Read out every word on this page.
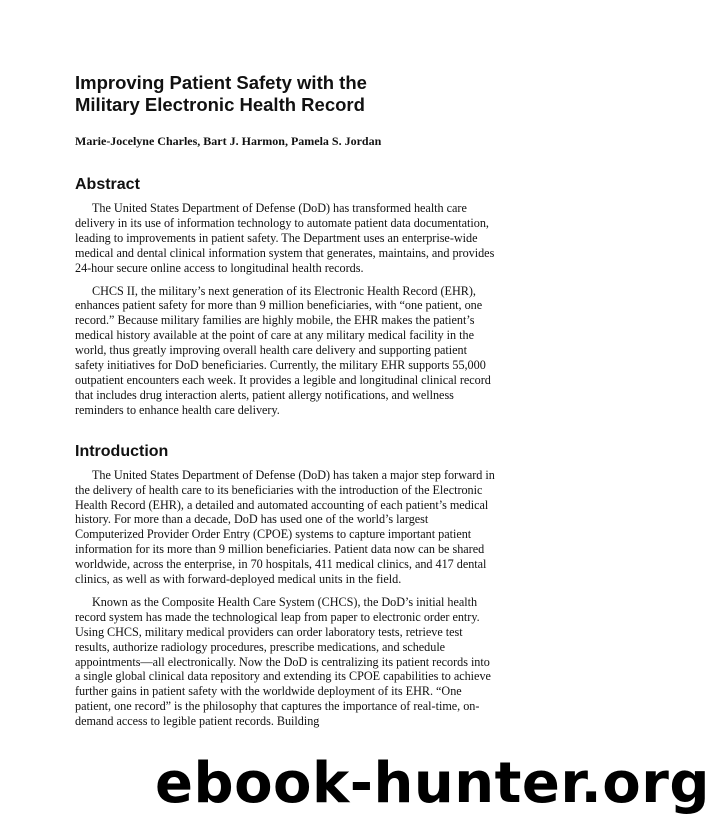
Improving Patient Safety with the
Military Electronic Health Record
Marie-Jocelyne Charles, Bart J. Harmon, Pamela S. Jordan
Abstract

The United States Department of Defense (DoD) has transformed health care delivery in its use of information technology to automate patient data documentation, leading to improvements in patient safety. The Department uses an enterprise-wide medical and dental clinical information system that generates, maintains, and provides 24-hour secure online access to longitudinal health records.

CHCS II, the military’s next generation of its Electronic Health Record (EHR), enhances patient safety for more than 9 million beneficiaries, with “one patient, one record.” Because military families are highly mobile, the EHR makes the patient’s medical history available at the point of care at any military medical facility in the world, thus greatly improving overall health care delivery and supporting patient safety initiatives for DoD beneficiaries. Currently, the military EHR supports 55,000 outpatient encounters each week. It provides a legible and longitudinal clinical record that includes drug interaction alerts, patient allergy notifications, and wellness reminders to enhance health care delivery.

Introduction

The United States Department of Defense (DoD) has taken a major step forward in the delivery of health care to its beneficiaries with the introduction of the Electronic Health Record (EHR), a detailed and automated accounting of each patient’s medical history. For more than a decade, DoD has used one of the world’s largest Computerized Provider Order Entry (CPOE) systems to capture important patient information for its more than 9 million beneficiaries. Patient data now can be shared worldwide, across the enterprise, in 70 hospitals, 411 medical clinics, and 417 dental clinics, as well as with forward-deployed medical units in the field.

Known as the Composite Health Care System (CHCS), the DoD’s initial health record system has made the technological leap from paper to electronic order entry. Using CHCS, military medical providers can order laboratory tests, retrieve test results, authorize radiology procedures, prescribe medications, and schedule appointments—all electronically. Now the DoD is centralizing its patient records into a single global clinical data repository and extending its CPOE capabilities to achieve further gains in patient safety with the worldwide deployment of its EHR. “One patient, one record” is the philosophy that captures the importance of real-time, on-demand access to legible patient records. Building

ebook-hunter.org
